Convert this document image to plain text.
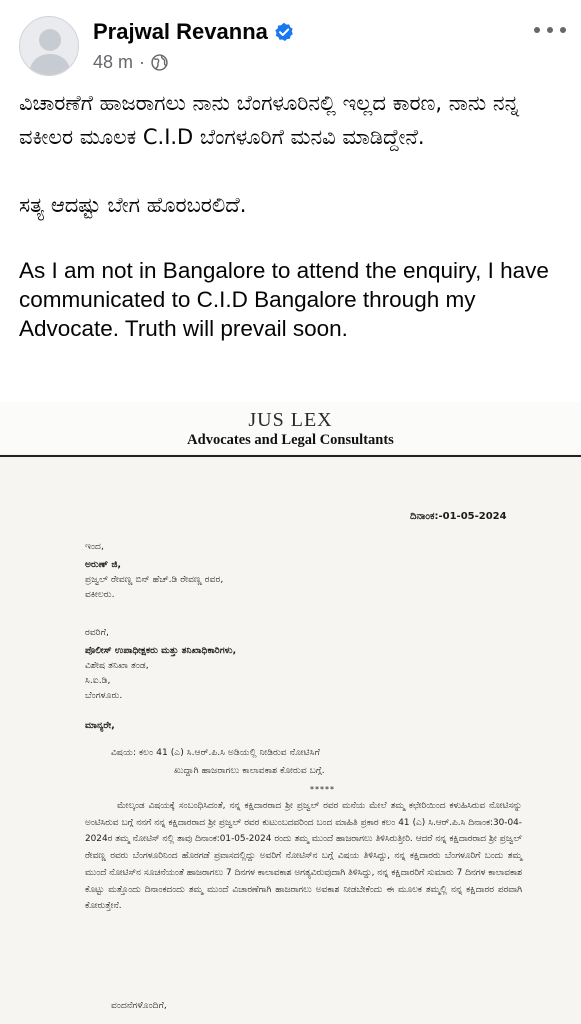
Prajwal Revanna
48 m ·

ವಿಚಾರಣೆಗೆ ಹಾಜರಾಗಲು ನಾನು ಬೆಂಗಳೂರಿನಲ್ಲಿ ಇಲ್ಲದ ಕಾರಣ, ನಾನು ನನ್ನ ವಕೀಲರ ಮೂಲಕ C.I.D ಬೆಂಗಳೂರಿಗೆ ಮನವಿ ಮಾಡಿದ್ದೇನೆ.

ಸತ್ಯ ಆದಷ್ಟು ಬೇಗ ಹೊರಬರಲಿದೆ.

As I am not in Bangalore to attend the enquiry, I have communicated to C.I.D Bangalore through my Advocate. Truth will prevail soon.

JUS LEX
Advocates and Legal Consultants
ದಿನಾಂಕ:-01-05-2024
ಇಂದ,
ಅರುಣ್ ಜಿ,
ಪ್ರಜ್ವಲ್ ರೇವಣ್ಣ ಬಿನ್ ಹೆಚ್.ಡಿ ರೇವಣ್ಣ ರವರ,
ವಕೀಲರು.
ರವರಿಗೆ,
ಪೊಲೀಸ್ ಉಪಾಧೀಕ್ಷಕರು ಮತ್ತು ತನಿಖಾಧಿಕಾರಿಗಳು,
ವಿಶೇಷ ತನಿಖಾ ತಂಡ,
ಸಿ.ಐ.ಡಿ,
ಬೆಂಗಳೂರು.
ಮಾನ್ಯರೇ,
ವಿಷಯ: ಕಲಂ 41 (ಎ) ಸಿ.ಆರ್.ಪಿ.ಸಿ ಅಡಿಯಲ್ಲಿ ನೀಡಿರುವ ನೋಟಿಸಿಗೆ
ಖುದ್ದಾಗಿ ಹಾಜರಾಗಲು ಕಾಲಾವಕಾಶ ಕೋರುವ ಬಗ್ಗೆ.
*****
ಮೇಲ್ಕಂಡ ವಿಷಯಕ್ಕೆ ಸಂಬಂಧಿಸಿದಂತೆ, ನನ್ನ ಕಕ್ಷಿದಾರರಾದ ಶ್ರೀ ಪ್ರಜ್ವಲ್ ರವರ ಮನೆಯ ಮೇಲೆ ತಮ್ಮ ಕಛೇರಿಯಿಂದ ಕಳುಹಿಸಿರುವ ನೋಟಿಸನ್ನು ಅಂಟಿಸಿರುವ ಬಗ್ಗೆ ನನಗೆ ನನ್ನ ಕಕ್ಷಿದಾರರಾದ ಶ್ರೀ ಪ್ರಜ್ವಲ್ ರವರ ಕುಟುಂಬದವರಿಂದ ಬಂದ ಮಾಹಿತಿ ಪ್ರಕಾರ ಕಲಂ 41 (ಎ) ಸಿ.ಆರ್.ಪಿ.ಸಿ ದಿನಾಂಕ:30-04-2024ರ ತಮ್ಮ ನೋಟಿಸ್ ನಲ್ಲಿ ತಾವು ದಿನಾಂಕ:01-05-2024 ರಂದು ತಮ್ಮ ಮುಂದೆ ಹಾಜರಾಗಲು ತಿಳಿಸಿರುತ್ತೀರಿ. ಆದರೆ ನನ್ನ ಕಕ್ಷಿದಾರರಾದ ಶ್ರೀ ಪ್ರಜ್ವಲ್ ರೇವಣ್ಣ ರವರು ಬೆಂಗಳೂರಿನಿಂದ ಹೊರಗಡೆ ಪ್ರವಾಸದಲ್ಲಿದ್ದು ಅವರಿಗೆ ನೋಟಿಸ್‌ನ ಬಗ್ಗೆ ವಿಷಯ ತಿಳಿಸಿದ್ದು, ನನ್ನ ಕಕ್ಷಿದಾರರು ಬೆಂಗಳೂರಿಗೆ ಬಂದು ತಮ್ಮ ಮುಂದೆ ನೋಟಿಸ್‌ನ ಸೂಚನೆಯಂತೆ ಹಾಜರಾಗಲು 7 ದಿನಗಳ ಕಾಲಾವಕಾಶ ಅಗತ್ಯವಿರುವುದಾಗಿ ತಿಳಿಸಿದ್ದು, ನನ್ನ ಕಕ್ಷಿದಾರರಿಗೆ ಸುಮಾರು 7 ದಿನಗಳ ಕಾಲಾವಕಾಶ ಕೊಟ್ಟು ಮತ್ತೊಂದು ದಿನಾಂಕದಂದು ತಮ್ಮ ಮುಂದೆ ವಿಚಾರಣೆಗಾಗಿ ಹಾಜರಾಗಲು ಅವಕಾಶ ನೀಡಬೇಕೆಂದು ಈ ಮೂಲಕ ತಮ್ಮಲ್ಲಿ ನನ್ನ ಕಕ್ಷಿದಾರರ ಪರವಾಗಿ ಕೋರುತ್ತೇನೆ.
ವಂದನೆಗಳೊಂದಿಗೆ,
